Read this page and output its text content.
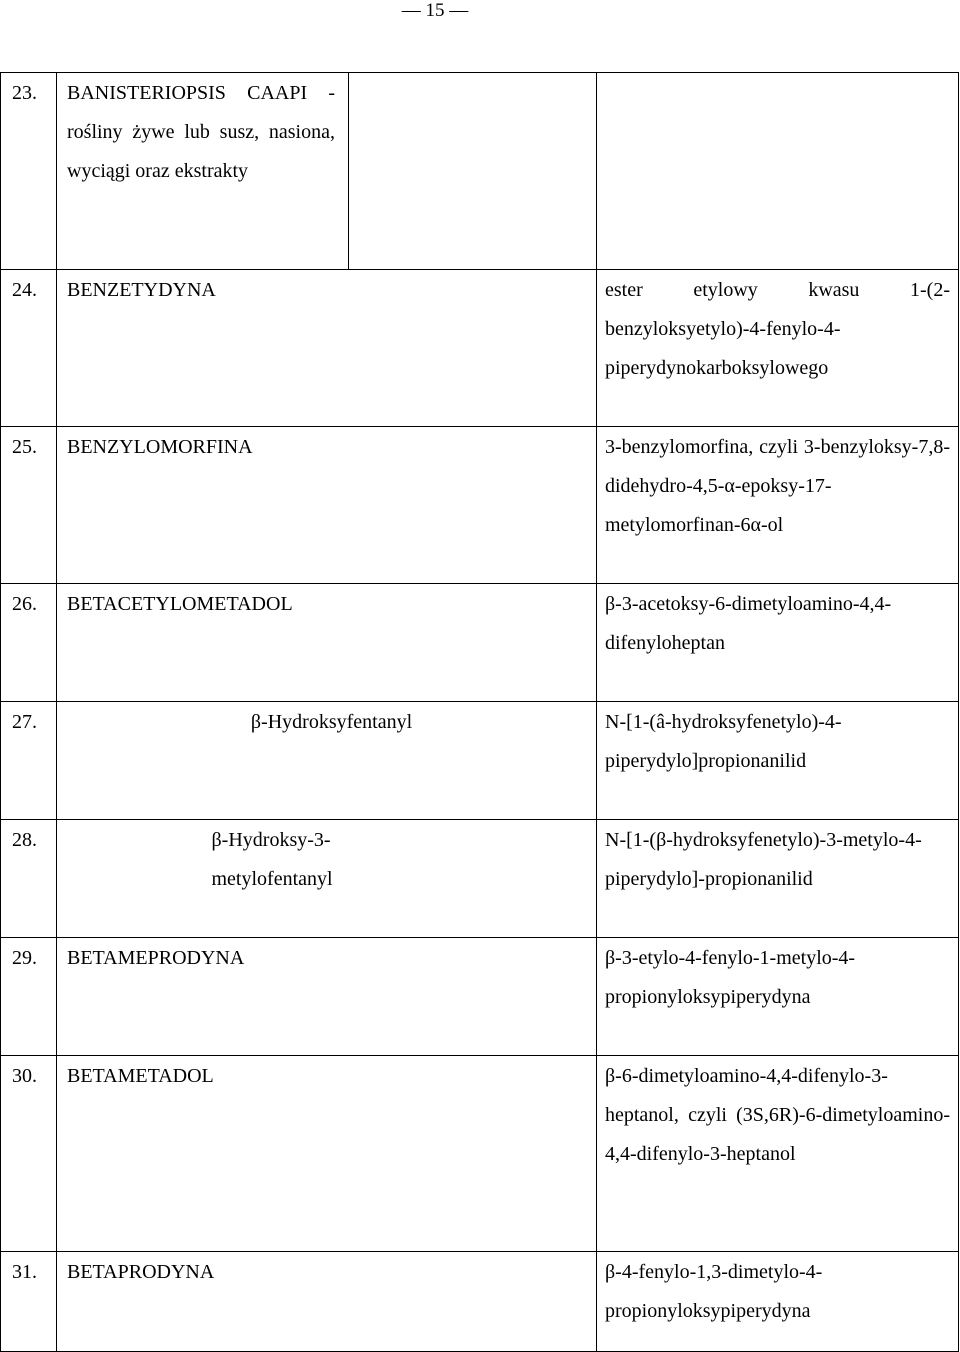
— 15 —
23.	BANISTERIOPSIS CAAPI - rośliny żywe lub susz, nasiona, wyciągi oraz ekstrakty		

24.	BENZETYDYNA		ester etylowy kwasu 1-(2-benzyloksyetylo)-4-fenylo-4-piperydynokarboksylowego

25.	BENZYLOMORFINA		3-benzylomorfina, czyli 3-benzyloksy-7,8-didehydro-4,5-α-epoksy-17-metylomorfinan-6α-ol

26.	BETACETYLOMETADOL		β-3-acetoksy-6-dimetyloamino-4,4-difenyloheptan

27.	β-Hydroksyfentanyl		N-[1-(â-hydroksyfenetylo)-4-piperydylo]propionanilid

28.	β-Hydroksy-3-metylofentanyl		N-[1-(β-hydroksyfenetylo)-3-metylo-4-piperydylo]-propionanilid

29.	BETAMEPRODYNA		β-3-etylo-4-fenylo-1-metylo-4-propionyloksypiperydyna

30.	BETAMETADOL		β-6-dimetyloamino-4,4-difenylo-3-heptanol, czyli (3S,6R)-6-dimetyloamino-4,4-difenylo-3-heptanol

31.	BETAPRODYNA		β-4-fenylo-1,3-dimetylo-4-propionyloksypiperydyna
